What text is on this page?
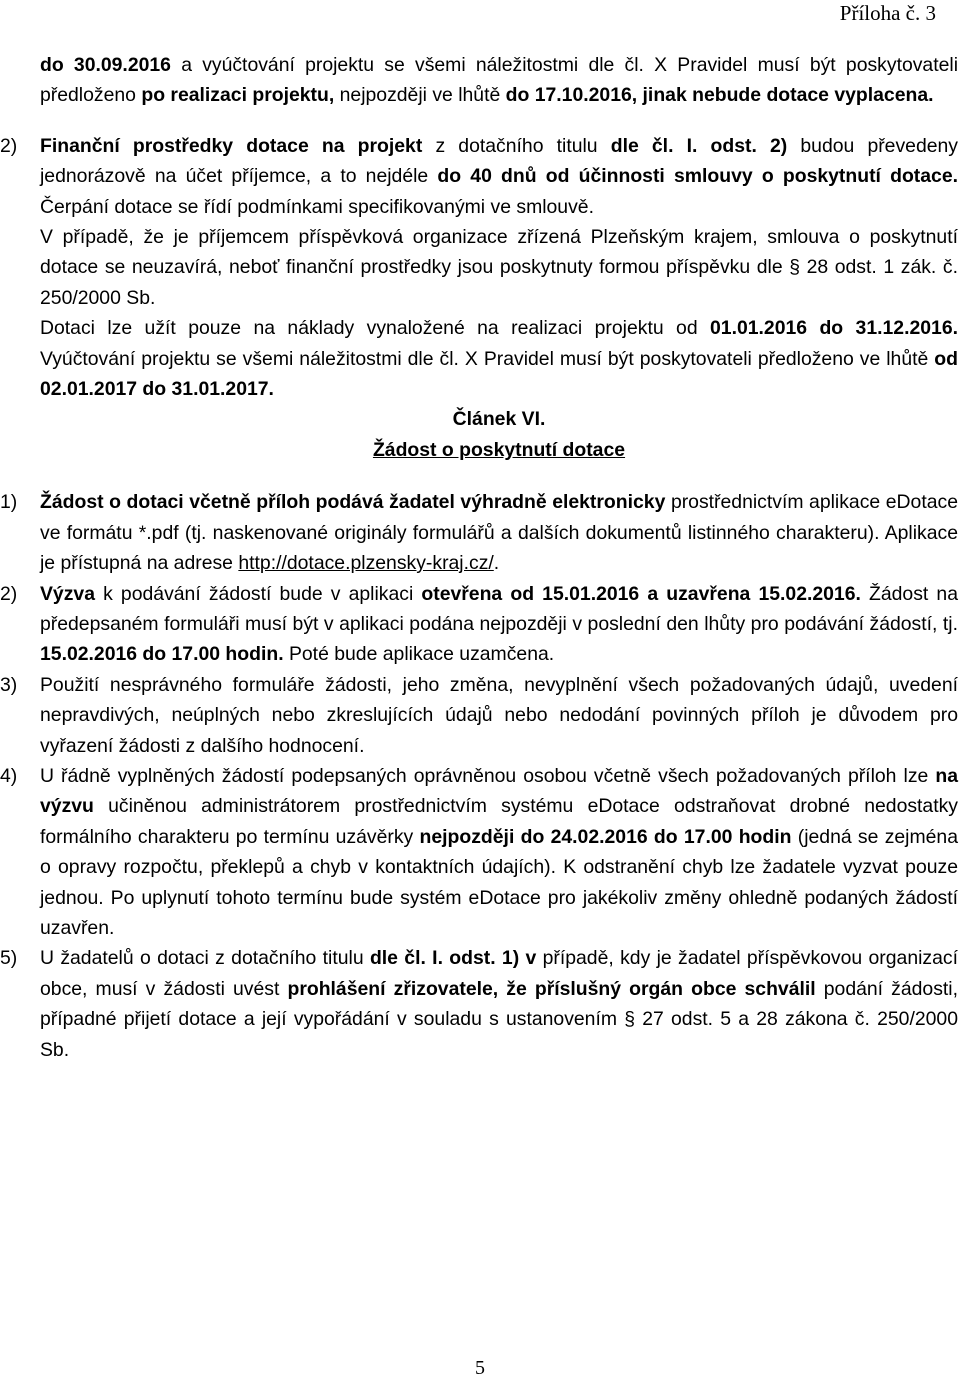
Příloha č. 3

do 30.09.2016 a vyúčtování projektu se všemi náležitostmi dle čl. X Pravidel musí být poskytovateli předloženo po realizaci projektu, nejpozději ve lhůtě do 17.10.2016, jinak nebude dotace vyplacena.

2) Finanční prostředky dotace na projekt z dotačního titulu dle čl. I. odst. 2) budou převedeny jednorázově na účet příjemce, a to nejdéle do 40 dnů od účinnosti smlouvy o poskytnutí dotace. Čerpání dotace se řídí podmínkami specifikovanými ve smlouvě.

V případě, že je příjemcem příspěvková organizace zřízená Plzeňským krajem, smlouva o poskytnutí dotace se neuzavírá, neboť finanční prostředky jsou poskytnuty formou příspěvku dle § 28 odst. 1 zák. č. 250/2000 Sb.

Dotaci lze užít pouze na náklady vynaložené na realizaci projektu od 01.01.2016 do 31.12.2016. Vyúčtování projektu se všemi náležitostmi dle čl. X Pravidel musí být poskytovateli předloženo ve lhůtě od 02.01.2017 do 31.01.2017.

Článek VI.

Žádost o poskytnutí dotace

1) Žádost o dotaci včetně příloh podává žadatel výhradně elektronicky prostřednictvím aplikace eDotace ve formátu *.pdf (tj. naskenované originály formulářů a dalších dokumentů listinného charakteru). Aplikace je přístupná na adrese http://dotace.plzensky-kraj.cz/.
2) Výzva k podávání žádostí bude v aplikaci otevřena od 15.01.2016 a uzavřena 15.02.2016. Žádost na předepsaném formuláři musí být v aplikaci podána nejpozději v poslední den lhůty pro podávání žádostí, tj. 15.02.2016 do 17.00 hodin. Poté bude aplikace uzamčena.
3) Použití nesprávného formuláře žádosti, jeho změna, nevyplnění všech požadovaných údajů, uvedení nepravdivých, neúplných nebo zkreslujících údajů nebo nedodání povinných příloh je důvodem pro vyřazení žádosti z dalšího hodnocení.
4) U řádně vyplněných žádostí podepsaných oprávněnou osobou včetně všech požadovaných příloh lze na výzvu učiněnou administrátorem prostřednictvím systému eDotace odstraňovat drobné nedostatky formálního charakteru po termínu uzávěrky nejpozději do 24.02.2016 do 17.00 hodin (jedná se zejména o opravy rozpočtu, překlepů a chyb v kontaktních údajích). K odstranění chyb lze žadatele vyzvat pouze jednou. Po uplynutí tohoto termínu bude systém eDotace pro jakékoliv změny ohledně podaných žádostí uzavřen.
5) U žadatelů o dotaci z dotačního titulu dle čl. I. odst. 1) v případě, kdy je žadatel příspěvkovou organizací obce, musí v žádosti uvést prohlášení zřizovatele, že příslušný orgán obce schválil podání žádosti, případné přijetí dotace a její vypořádání v souladu s ustanovením § 27 odst. 5 a 28 zákona č. 250/2000 Sb.
5
